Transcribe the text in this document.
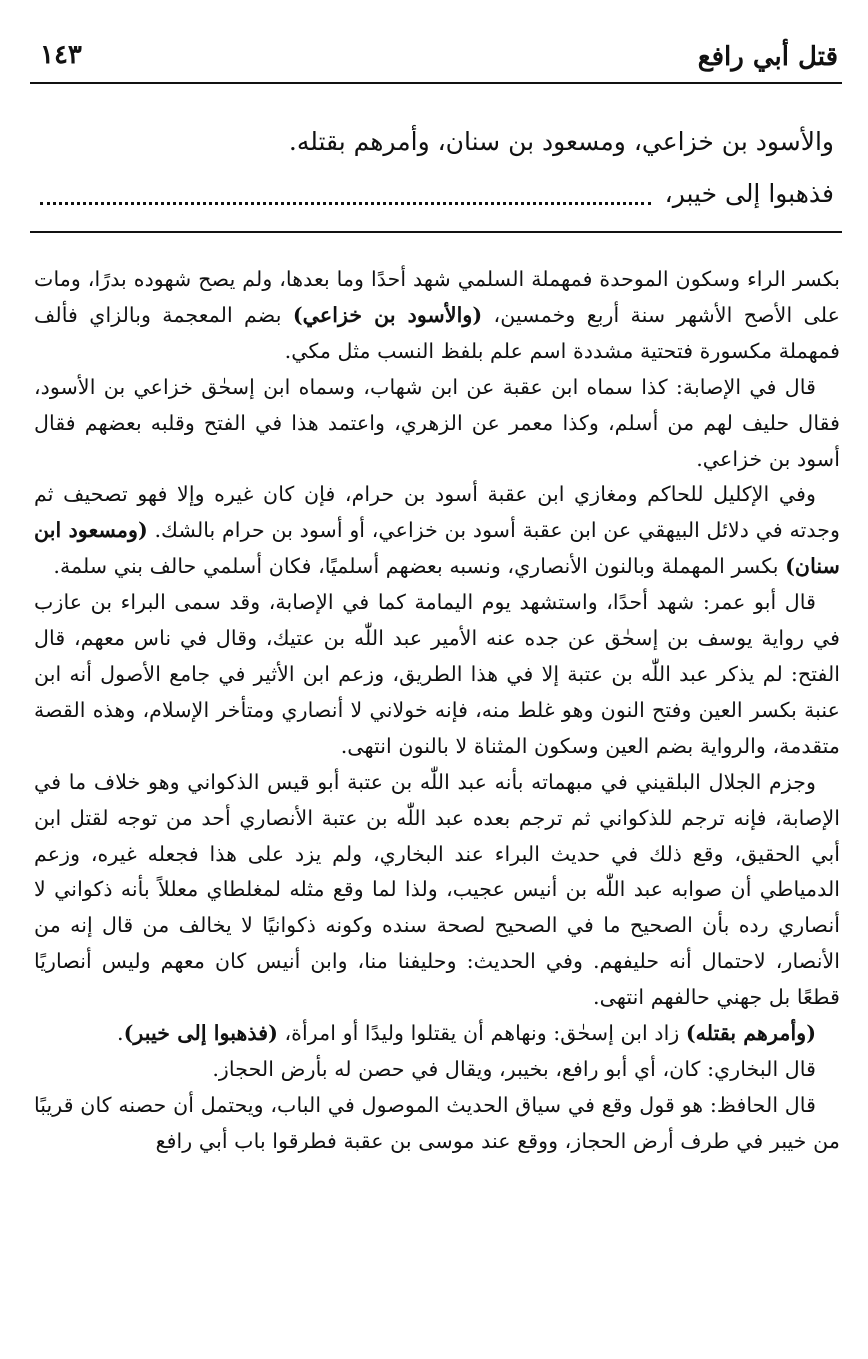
قتل أبي رافع
١٤٣
والأسود بن خزاعي، ومسعود بن سنان، وأمرهم بقتله.
فذهبوا إلى خيبر،

بكسر الراء وسكون الموحدة فمهملة السلمي شهد أحدًا وما بعدها، ولم يصح شهوده بدرًا، ومات على الأصح الأشهر سنة أربع وخمسين، (والأسود بن خزاعي) بضم المعجمة وبالزاي فألف فمهملة مكسورة فتحتية مشددة اسم علم بلفظ النسب مثل مكي.

قال في الإصابة: كذا سماه ابن عقبة عن ابن شهاب، وسماه ابن إسحٰق خزاعي بن الأسود، فقال حليف لهم من أسلم، وكذا معمر عن الزهري، واعتمد هذا في الفتح وقلبه بعضهم فقال أسود بن خزاعي.

وفي الإكليل للحاكم ومغازي ابن عقبة أسود بن حرام، فإن كان غيره وإلا فهو تصحيف ثم وجدته في دلائل البيهقي عن ابن عقبة أسود بن خزاعي، أو أسود بن حرام بالشك. (ومسعود ابن سنان) بكسر المهملة وبالنون الأنصاري، ونسبه بعضهم أسلميًا، فكان أسلمي حالف بني سلمة.

قال أبو عمر: شهد أحدًا، واستشهد يوم اليمامة كما في الإصابة، وقد سمى البراء بن عازب في رواية يوسف بن إسحٰق عن جده عنه الأمير عبد اللّٰه بن عتيك، وقال في ناس معهم، قال الفتح: لم يذكر عبد اللّٰه بن عتبة إلا في هذا الطريق، وزعم ابن الأثير في جامع الأصول أنه ابن عنبة بكسر العين وفتح النون وهو غلط منه، فإنه خولاني لا أنصاري ومتأخر الإسلام، وهذه القصة متقدمة، والرواية بضم العين وسكون المثناة لا بالنون انتهى.

وجزم الجلال البلقيني في مبهماته بأنه عبد اللّٰه بن عتبة أبو قيس الذكواني وهو خلاف ما في الإصابة، فإنه ترجم للذكواني ثم ترجم بعده عبد اللّٰه بن عتبة الأنصاري أحد من توجه لقتل ابن أبي الحقيق، وقع ذلك في حديث البراء عند البخاري، ولم يزد على هذا فجعله غيره، وزعم الدمياطي أن صوابه عبد اللّٰه بن أنيس عجيب، ولذا لما وقع مثله لمغلطاي معللاً بأنه ذكواني لا أنصاري رده بأن الصحيح ما في الصحيح لصحة سنده وكونه ذكوانيًا لا يخالف من قال إنه من الأنصار، لاحتمال أنه حليفهم. وفي الحديث: وحليفنا منا، وابن أنيس كان معهم وليس أنصاريًا قطعًا بل جهني حالفهم انتهى.

(وأمرهم بقتله) زاد ابن إسحٰق: ونهاهم أن يقتلوا وليدًا أو امرأة، (فذهبوا إلى خيبر).

قال البخاري: كان، أي أبو رافع، بخيبر، ويقال في حصن له بأرض الحجاز.

قال الحافظ: هو قول وقع في سياق الحديث الموصول في الباب، ويحتمل أن حصنه كان قريبًا من خيبر في طرف أرض الحجاز، ووقع عند موسى بن عقبة فطرقوا باب أبي رافع
